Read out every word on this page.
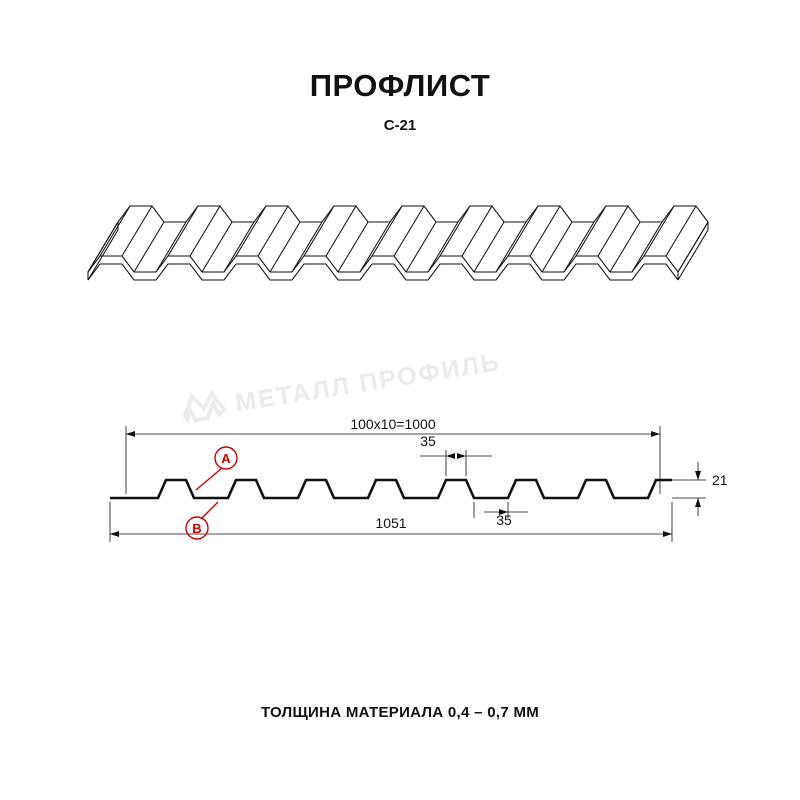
ПРОФЛИСТ
С-21
МЕТАЛЛ ПРОФИЛЬ
100x10=1000
1051
21
35
35
A
B
ТОЛЩИНА МАТЕРИАЛА 0,4 – 0,7 ММ
